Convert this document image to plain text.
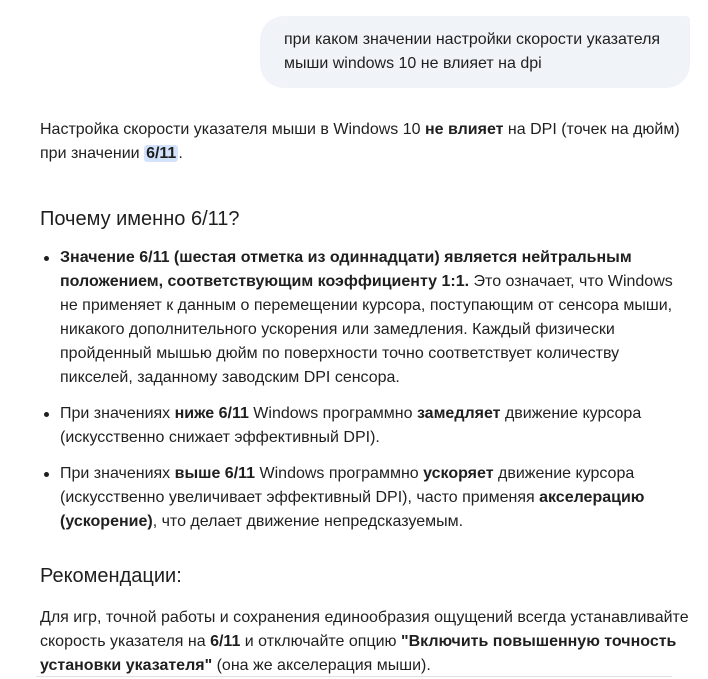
при каком значении настройки скорости указателя мыши windows 10 не влияет на dpi

Настройка скорости указателя мыши в Windows 10 не влияет на DPI (точек на дюйм) при значении 6/11 .

Почему именно 6/11?
Значение 6/11 (шестая отметка из одиннадцати) является нейтральным положением, соответствующим коэффициенту 1:1. Это означает, что Windows не применяет к данным о перемещении курсора, поступающим от сенсора мыши, никакого дополнительного ускорения или замедления. Каждый физически пройденный мышью дюйм по поверхности точно соответствует количеству пикселей, заданному заводским DPI сенсора.
При значениях ниже 6/11 Windows программно замедляет движение курсора (искусственно снижает эффективный DPI).
При значениях выше 6/11 Windows программно ускоряет движение курсора (искусственно увеличивает эффективный DPI), часто применяя акселерацию (ускорение), что делает движение непредсказуемым.
Рекомендации:

Для игр, точной работы и сохранения единообразия ощущений всегда устанавливайте скорость указателя на 6/11 и отключайте опцию "Включить повышенную точность установки указателя" (она же акселерация мыши).
